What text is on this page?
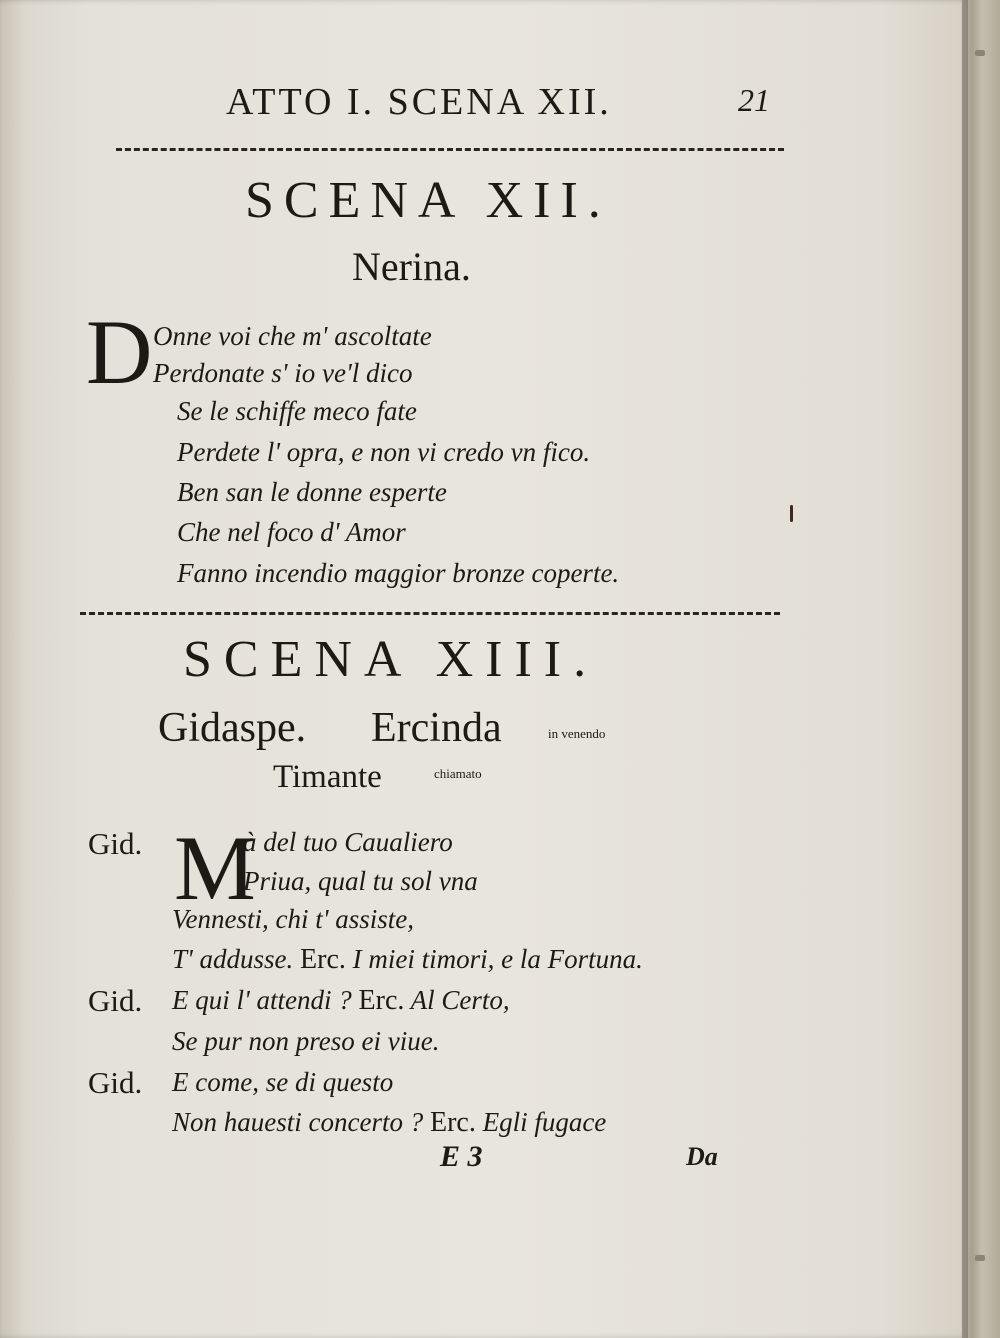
ATTO I. SCENA XII.	21
SCENA XII.
Nerina.
D Onne voi che m' ascoltate
Perdonate s' io ve'l dico
Se le schiffe meco fate
Perdete l' opra, e non vi credo vn fico.
Ben san le donne esperte
Che nel foco d' Amor
Fanno incendio maggior bronze coperte.
SCENA XIII.
Gidaspe. Ercinda	in venendo
Timante	chiamato
Gid. M
à del tuo Caualiero
Priua, qual tu sol vna
Vennesti, chi t' assiste,
T' addusse. Erc. I miei timori, e la Fortuna.
Gid. E qui l' attendi ? Erc. Al Certo,
Se pur non preso ei viue.
Gid. E come, se di questo
Non hauesti concerto ? Erc. Egli fugace
E 3	Da
